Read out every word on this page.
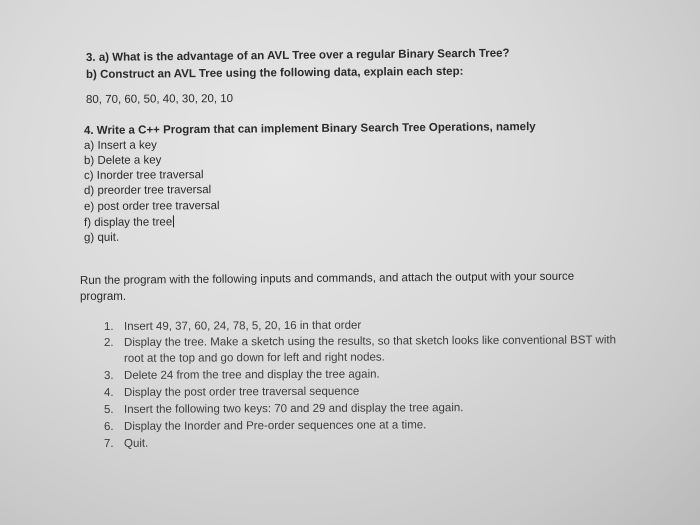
3. a) What is the advantage of an AVL Tree over a regular Binary Search Tree?
b) Construct an AVL Tree using the following data, explain each step:
80, 70, 60, 50, 40, 30, 20, 10
4. Write a C++ Program that can implement Binary Search Tree Operations, namely
a) Insert a key
b) Delete a key
c) Inorder tree traversal
d) preorder tree traversal
e) post order tree traversal
f) display the tree
g) quit.
Run the program with the following inputs and commands, and attach the output with your source
program.
1. Insert 49, 37, 60, 24, 78, 5, 20, 16 in that order
2. Display the tree. Make a sketch using the results, so that sketch looks like conventional BST with
root at the top and go down for left and right nodes.
3. Delete 24 from the tree and display the tree again.
4. Display the post order tree traversal sequence
5. Insert the following two keys: 70 and 29 and display the tree again.
6. Display the Inorder and Pre-order sequences one at a time.
7. Quit.
